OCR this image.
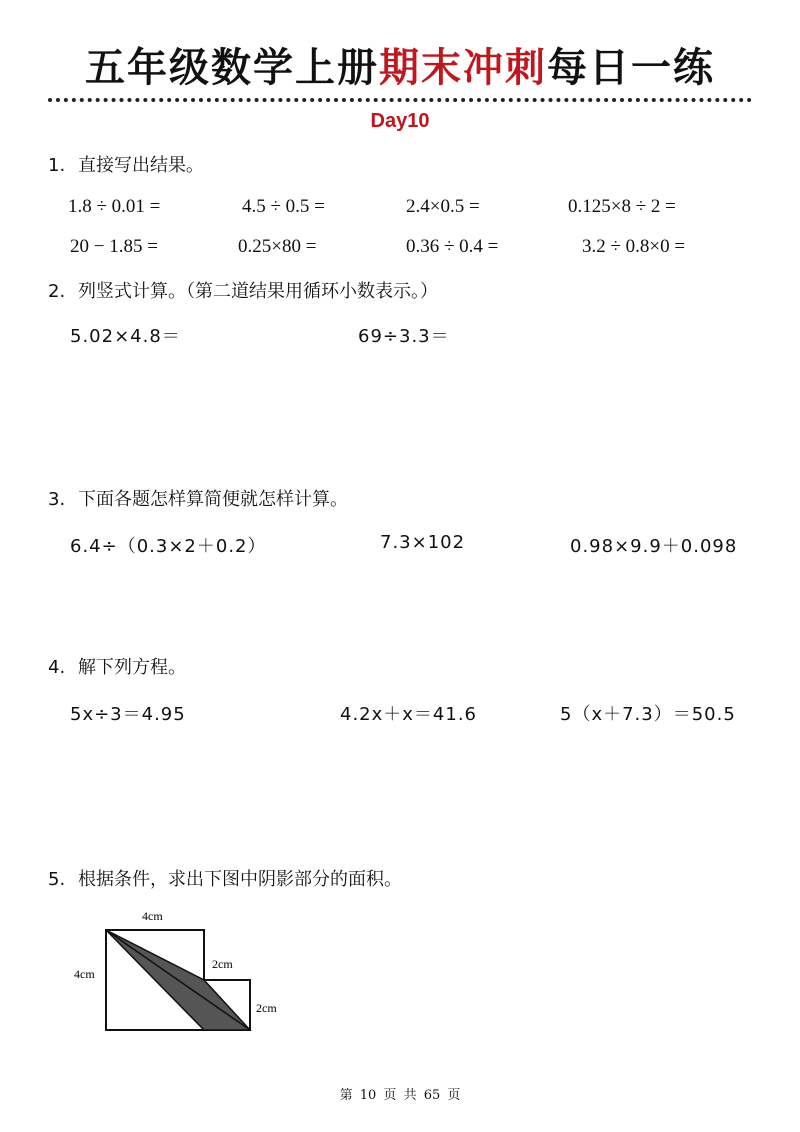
五年级数学上册期末冲刺每日一练
Day10
1. 直接写出结果。
1.8 ÷ 0.01 =	4.5 ÷ 0.5 =	2.4×0.5 =	0.125×8 ÷ 2 =
20 − 1.85 =	0.25×80 =	0.36 ÷ 0.4 =	3.2 ÷ 0.8×0 =
2. 列竖式计算。（第二道结果用循环小数表示。）
5.02×4.8＝	69÷3.3＝
3. 下面各题怎样算简便就怎样计算。
6.4÷（0.3×2＋0.2）	7.3×102	0.98×9.9＋0.098
4. 解下列方程。
5x÷3＝4.95	4.2x＋x＝41.6	5（x＋7.3）＝50.5
5. 根据条件，求出下图中阴影部分的面积。
4cm
4cm
2cm
2cm
第 10 页 共 65 页
